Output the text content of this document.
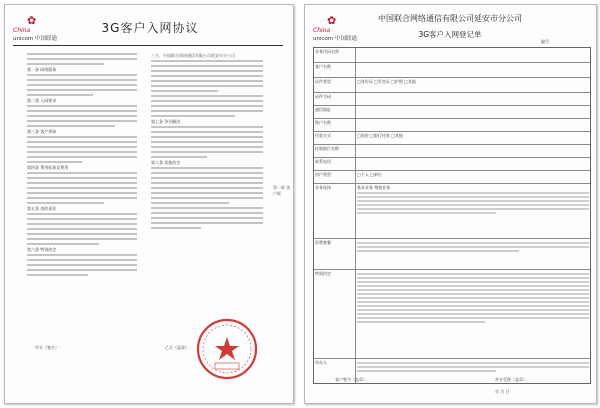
✿
China
unicom 中国联通
3G客户入网协议
第一条 网络服务
第二条 入网要求
第三条 客户须知
第四条 费用标准及费用
第五条 违约责任
第六条 特别约定
三方、中国联合网络通信有限公司延安市分公司
第七条 争议解决
第八条 其他约定
第一联 客户联
甲方（签名）：	乙方（盖章）：
✿
China
unicom 中国联通
中国联合网络通信有限公司延安市分公司
3G客户入网登记单
编号：
业务代码名称
客户名称
证件类型	□身份证 □军官证 □护照 □其他
证件号码
通信地址
账户名称
付款方式	□现金 □银行托收 □其他
托收银行名称
联系电话
用户类型	□个人 □单位
业务选择	基本业务 增值业务
资费套餐
特别约定
经办人
客户签字（盖章）：	营业受理（盖章）：
年 月 日
